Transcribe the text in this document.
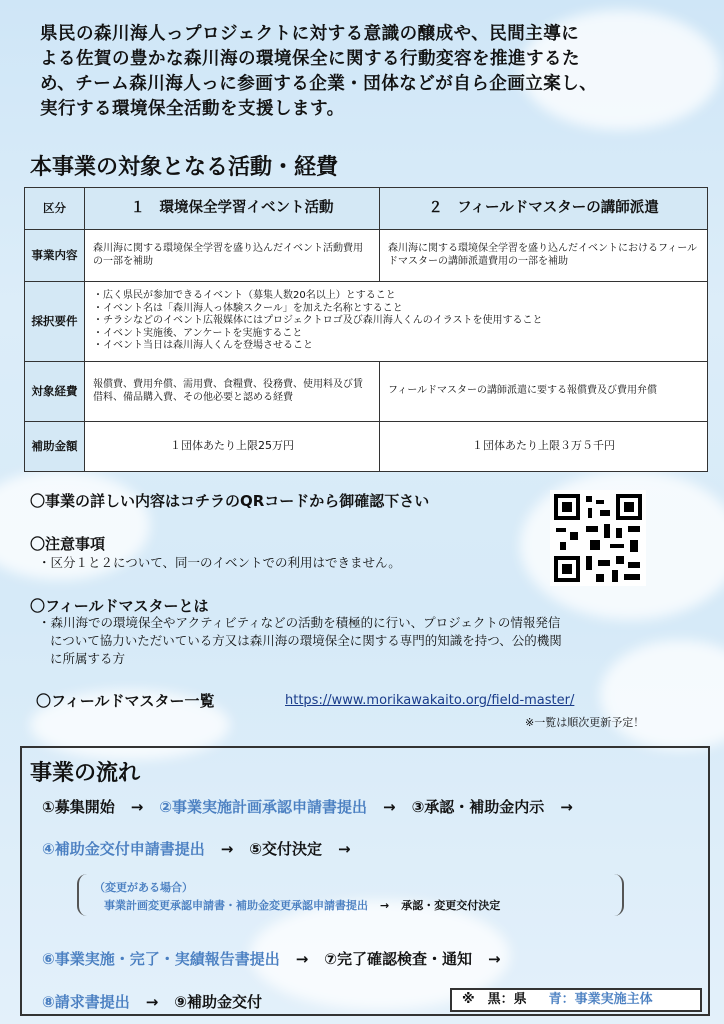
県民の森川海人っプロジェクトに対する意識の醸成や、民間主導に
よる佐賀の豊かな森川海の環境保全に関する行動変容を推進するた
め、チーム森川海人っに参画する企業・団体などが自ら企画立案し、
実行する環境保全活動を支援します。
本事業の対象となる活動・経費
区分	１　環境保全学習イベント活動	２　フィールドマスターの講師派遣
事業内容	森川海に関する環境保全学習を盛り込んだイベント活動費用の一部を補助	森川海に関する環境保全学習を盛り込んだイベントにおけるフィールドマスターの講師派遣費用の一部を補助
採択要件	・広く県民が参加できるイベント（募集人数20名以上）とすること
・イベント名は「森川海人っ体験スクール」を加えた名称とすること
・チラシなどのイベント広報媒体にはプロジェクトロゴ及び森川海人くんのイラストを使用すること
・イベント実施後、アンケートを実施すること
・イベント当日は森川海人くんを登場させること	

対象経費	報償費、費用弁償、需用費、食糧費、役務費、使用料及び賃借料、備品購入費、その他必要と認める経費	フィールドマスターの講師派遣に要する報償費及び費用弁償
補助金額	１団体あたり上限25万円	１団体あたり上限３万５千円
〇事業の詳しい内容はコチラのQRコードから御確認下さい
〇注意事項
・区分１と２について、同一のイベントでの利用はできません。
〇フィールドマスターとは
・森川海での環境保全やアクティビティなどの活動を積極的に行い、プロジェクトの情報発信
について協力いただいている方又は森川海の環境保全に関する専門的知識を持つ、公的機関
に所属する方
〇フィールドマスター一覧	https://www.morikawakaito.org/field-master/
※一覧は順次更新予定！
事業の流れ
①募集開始 → ②事業実施計画承認申請書提出 → ③承認・補助金内示 →
④補助金交付申請書提出 → ⑤交付決定 →
（変更がある場合）
事業計画変更承認申請書・補助金変更承認申請書提出 → 承認・変更交付決定
⑥事業実施・完了・実績報告書提出 → ⑦完了確認検査・通知 →
⑧請求書提出 → ⑨補助金交付	※　黒：県 青：事業実施主体
